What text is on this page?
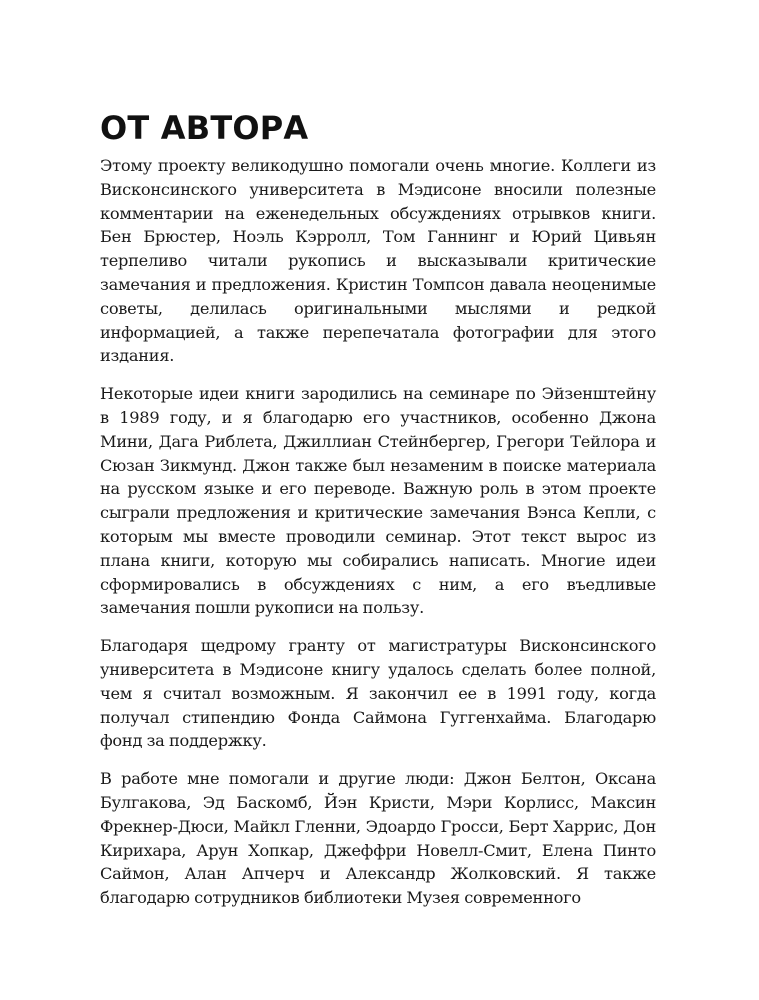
ОТ АВТОРА

Этому проекту великодушно помогали очень многие. Коллеги из Висконсинского университета в Мэдисоне вносили полезные комментарии на еженедельных обсуждениях отрывков книги. Бен Брюстер, Ноэль Кэрролл, Том Ганнинг и Юрий Цивьян терпеливо читали рукопись и высказывали критические замечания и предложения. Кристин Томпсон давала неоценимые советы, делилась оригинальными мыслями и редкой информацией, а также перепечатала фотографии для этого издания.

Некоторые идеи книги зародились на семинаре по Эйзенштейну в 1989 году, и я благодарю его участников, особенно Джона Мини, Дага Риблета, Джиллиан Стейнбергер, Грегори Тейлора и Сюзан Зикмунд. Джон также был незаменим в поиске материала на русском языке и его переводе. Важную роль в этом проекте сыграли предложения и критические замечания Вэнса Кепли, с которым мы вместе проводили семинар. Этот текст вырос из плана книги, которую мы собирались написать. Многие идеи сформировались в обсуждениях с ним, а его въедливые замечания пошли рукописи на пользу.

Благодаря щедрому гранту от магистратуры Висконсинского университета в Мэдисоне книгу удалось сделать более полной, чем я считал возможным. Я закончил ее в 1991 году, когда получал стипендию Фонда Саймона Гуггенхайма. Благодарю фонд за поддержку.

В работе мне помогали и другие люди: Джон Белтон, Оксана Булгакова, Эд Баскомб, Йэн Кристи, Мэри Корлисс, Максин Фрекнер-Дюси, Майкл Гленни, Эдоардо Гросси, Берт Харрис, Дон Кирихара, Арун Хопкар, Джеффри Новелл-Смит, Елена Пинто Саймон, Алан Апчерч и Александр Жолковский. Я также благодарю сотрудников библиотеки Музея современного
